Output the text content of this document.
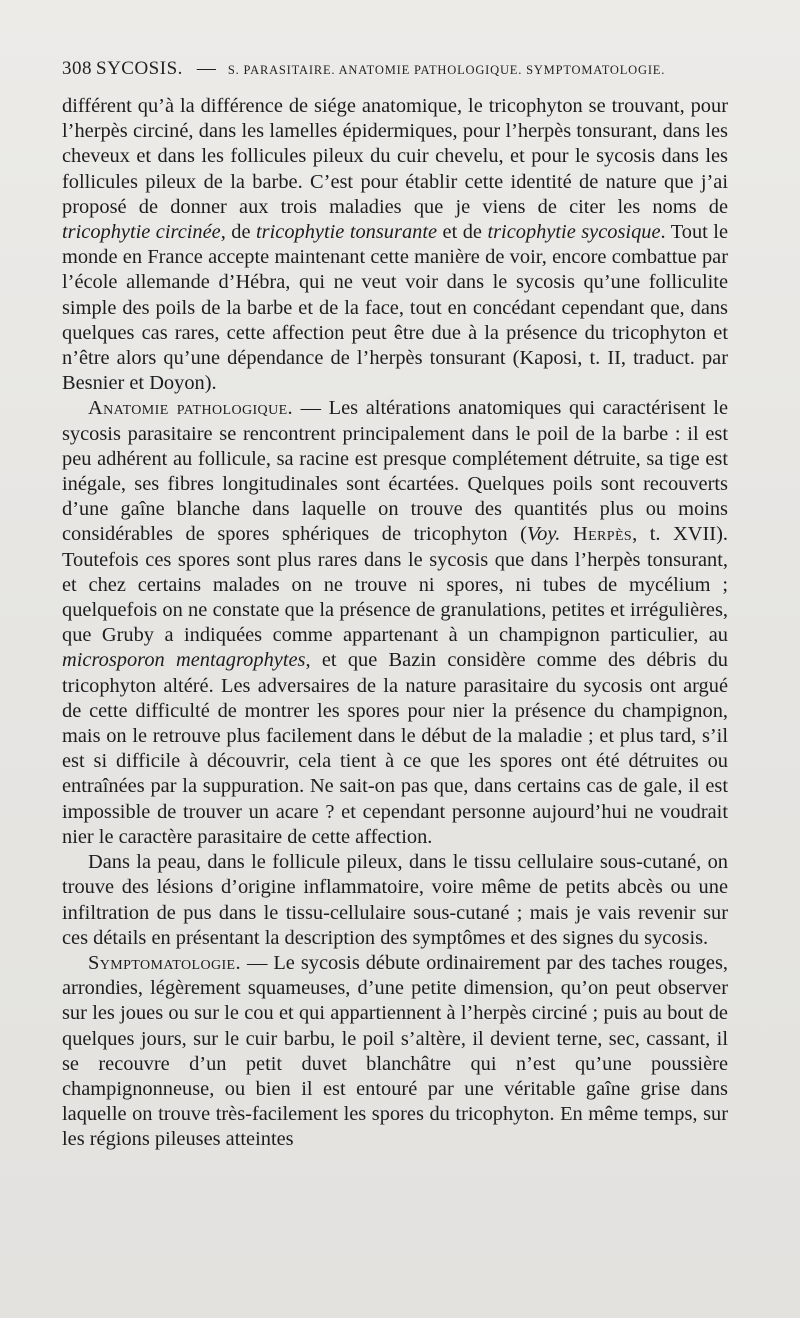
308 SYCOSIS. — S. PARASITAIRE. ANATOMIE PATHOLOGIQUE. SYMPTOMATOLOGIE.

différent qu’à la différence de siége anatomique, le tricophyton se trouvant, pour l’herpès circiné, dans les lamelles épidermiques, pour l’herpès tonsurant, dans les cheveux et dans les follicules pileux du cuir chevelu, et pour le sycosis dans les follicules pileux de la barbe. C’est pour établir cette identité de nature que j’ai proposé de donner aux trois maladies que je viens de citer les noms de tricophytie circinée, de tricophytie tonsurante et de tricophytie sycosique. Tout le monde en France accepte maintenant cette manière de voir, encore combattue par l’école allemande d’Hébra, qui ne veut voir dans le sycosis qu’une folliculite simple des poils de la barbe et de la face, tout en concédant cependant que, dans quelques cas rares, cette affection peut être due à la présence du tricophyton et n’être alors qu’une dépendance de l’herpès tonsurant (Kaposi, t. II, traduct. par Besnier et Doyon).

Anatomie pathologique. — Les altérations anatomiques qui caractérisent le sycosis parasitaire se rencontrent principalement dans le poil de la barbe : il est peu adhérent au follicule, sa racine est presque complétement détruite, sa tige est inégale, ses fibres longitudinales sont écartées. Quelques poils sont recouverts d’une gaîne blanche dans laquelle on trouve des quantités plus ou moins considérables de spores sphériques de tricophyton (Voy. Herpès, t. XVII). Toutefois ces spores sont plus rares dans le sycosis que dans l’herpès tonsurant, et chez certains malades on ne trouve ni spores, ni tubes de mycélium ; quelquefois on ne constate que la présence de granulations, petites et irrégulières, que Gruby a indiquées comme appartenant à un champignon particulier, au microsporon mentagrophytes, et que Bazin considère comme des débris du tricophyton altéré. Les adversaires de la nature parasitaire du sycosis ont argué de cette difficulté de montrer les spores pour nier la présence du champignon, mais on le retrouve plus facilement dans le début de la maladie ; et plus tard, s’il est si difficile à découvrir, cela tient à ce que les spores ont été détruites ou entraînées par la suppuration. Ne sait-on pas que, dans certains cas de gale, il est impossible de trouver un acare ? et cependant personne aujourd’hui ne voudrait nier le caractère parasitaire de cette affection.

Dans la peau, dans le follicule pileux, dans le tissu cellulaire sous-cutané, on trouve des lésions d’origine inflammatoire, voire même de petits abcès ou une infiltration de pus dans le tissu-cellulaire sous-cutané ; mais je vais revenir sur ces détails en présentant la description des symptômes et des signes du sycosis.

Symptomatologie. — Le sycosis débute ordinairement par des taches rouges, arrondies, légèrement squameuses, d’une petite dimension, qu’on peut observer sur les joues ou sur le cou et qui appartiennent à l’herpès circiné ; puis au bout de quelques jours, sur le cuir barbu, le poil s’altère, il devient terne, sec, cassant, il se recouvre d’un petit duvet blanchâtre qui n’est qu’une poussière champignonneuse, ou bien il est entouré par une véritable gaîne grise dans laquelle on trouve très-facilement les spores du tricophyton. En même temps, sur les régions pileuses atteintes
